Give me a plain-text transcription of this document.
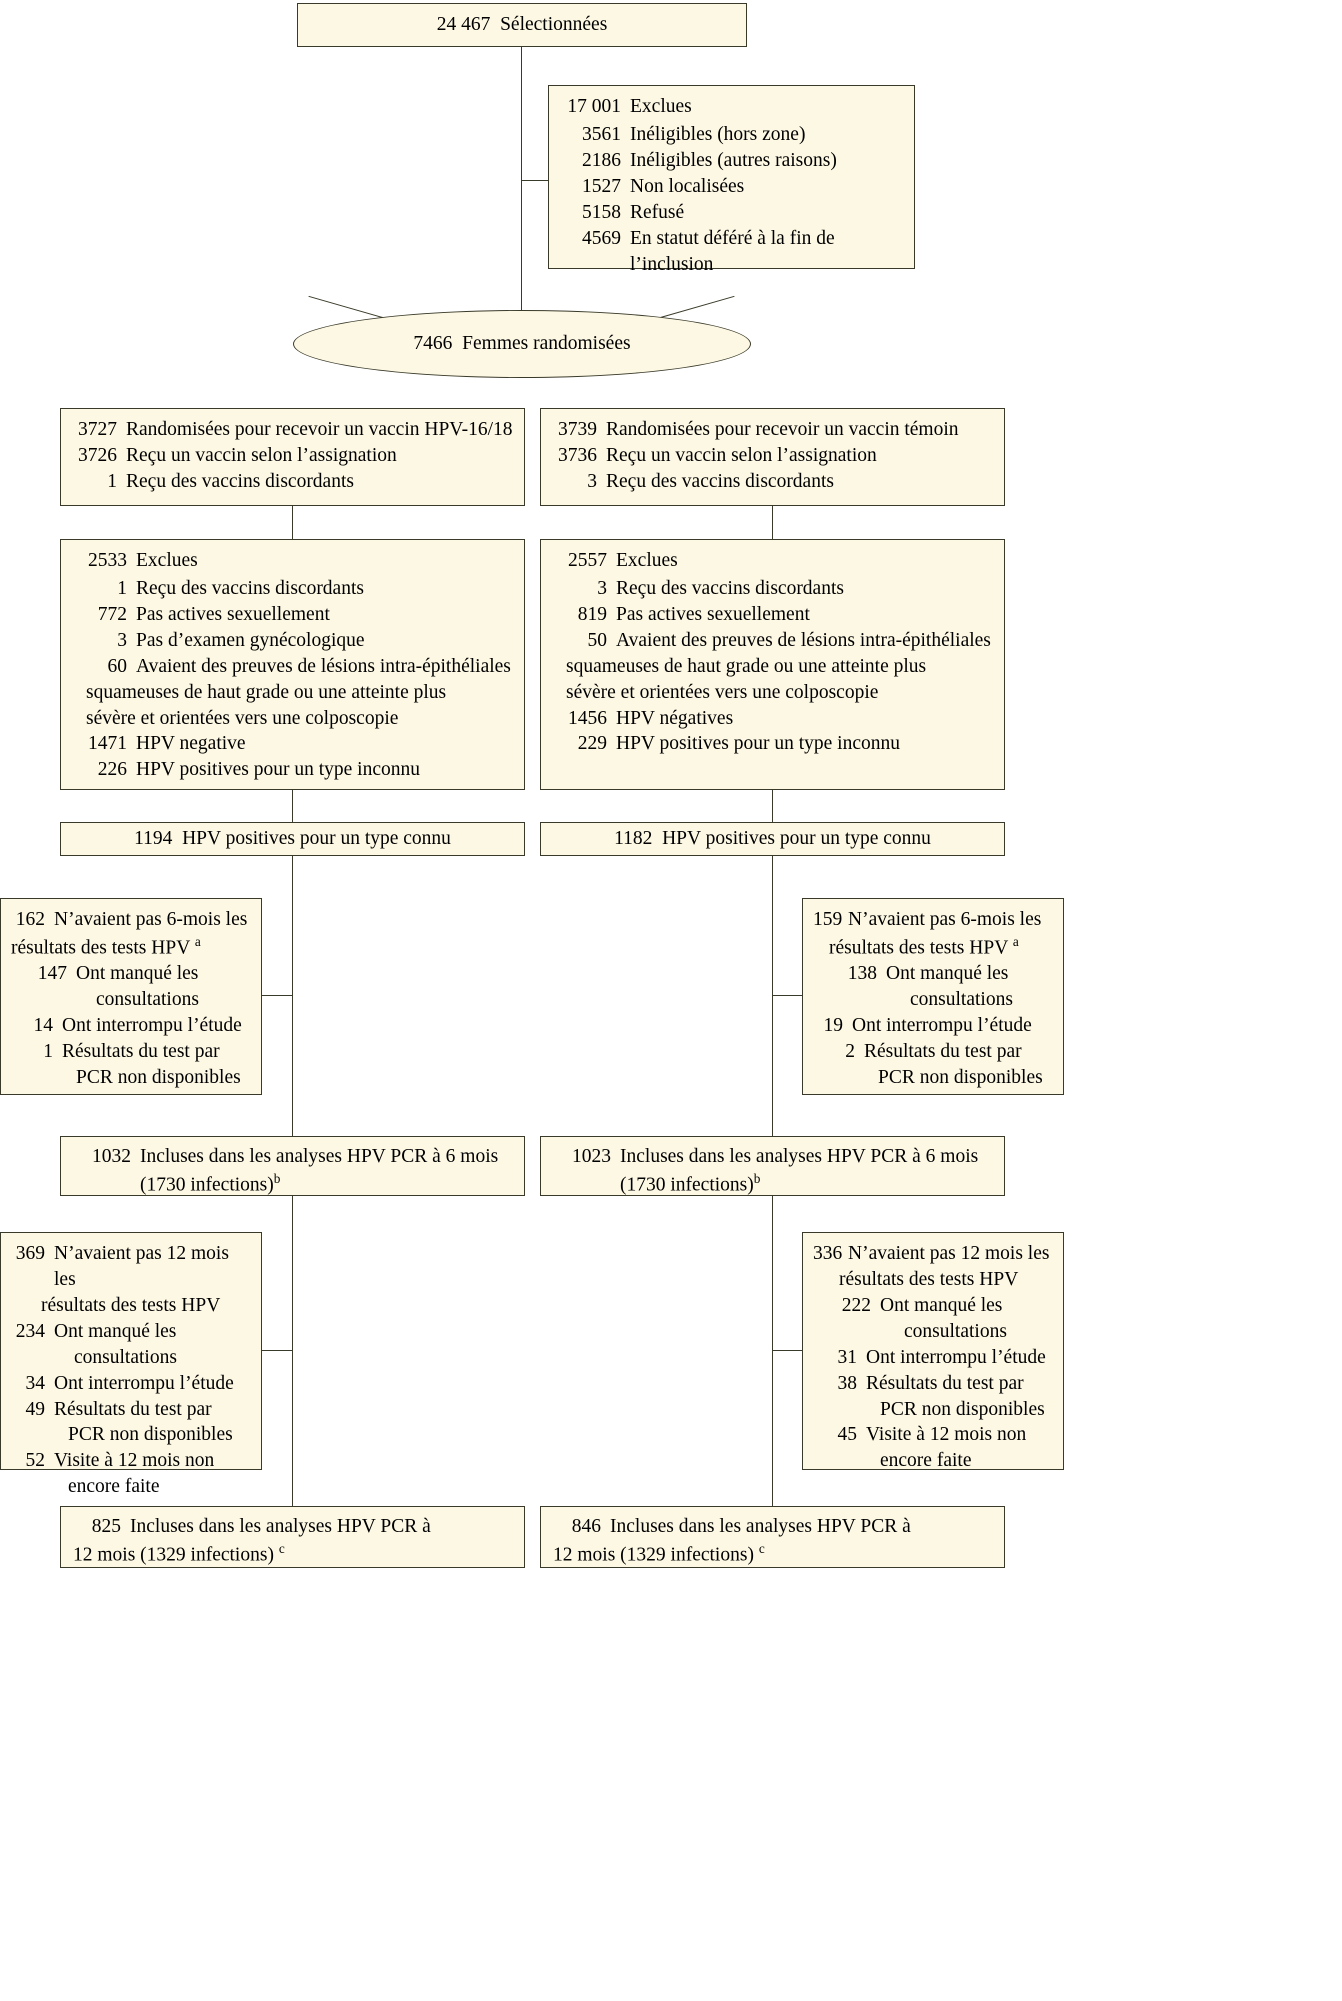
24 467 Sélectionnées
17 001 Exclues
3561 Inéligibles (hors zone)
2186 Inéligibles (autres raisons)
1527 Non localisées
5158 Refusé
4569 En statut déféré à la fin de
l’inclusion
7466 Femmes randomisées
3727 Randomisées pour recevoir un vaccin HPV-16/18
3726 Reçu un vaccin selon l’assignation
1 Reçu des vaccins discordants
2533 Exclues
1 Reçu des vaccins discordants
772 Pas actives sexuellement
3 Pas d’examen gynécologique
60 Avaient des preuves de lésions intra-épithéliales
squameuses de haut grade ou une atteinte plus
sévère et orientées vers une colposcopie
1471 HPV negative
226 HPV positives pour un type inconnu
1194 HPV positives pour un type connu
162 N’avaient pas 6-mois les
résultats des tests HPV $^a$
147 Ont manqué les
consultations
14 Ont interrompu l’étude
1 Résultats du test par
PCR non disponibles
1032 Incluses dans les analyses HPV PCR à 6 mois
(1730 infections)$^b$
369 N’avaient pas 12 mois les
résultats des tests HPV
234 Ont manqué les
consultations
34 Ont interrompu l’étude
49 Résultats du test par
PCR non disponibles
52 Visite à 12 mois non
encore faite
825 Incluses dans les analyses HPV PCR à
12 mois (1329 infections) $^c$
3739 Randomisées pour recevoir un vaccin témoin
3736 Reçu un vaccin selon l’assignation
3 Reçu des vaccins discordants
2557 Exclues
3 Reçu des vaccins discordants
819 Pas actives sexuellement
50 Avaient des preuves de lésions intra-épithéliales
squameuses de haut grade ou une atteinte plus
sévère et orientées vers une colposcopie
1456 HPV négatives
229 HPV positives pour un type inconnu
1182 HPV positives pour un type connu
159 N’avaient pas 6-mois les
résultats des tests HPV $^a$
138 Ont manqué les
consultations
19 Ont interrompu l’étude
2 Résultats du test par
PCR non disponibles
1023 Incluses dans les analyses HPV PCR à 6 mois
(1730 infections)$^b$
336 N’avaient pas 12 mois les
résultats des tests HPV
222 Ont manqué les
consultations
31 Ont interrompu l’étude
38 Résultats du test par
PCR non disponibles
45 Visite à 12 mois non
encore faite
846 Incluses dans les analyses HPV PCR à
12 mois (1329 infections) $^c$
